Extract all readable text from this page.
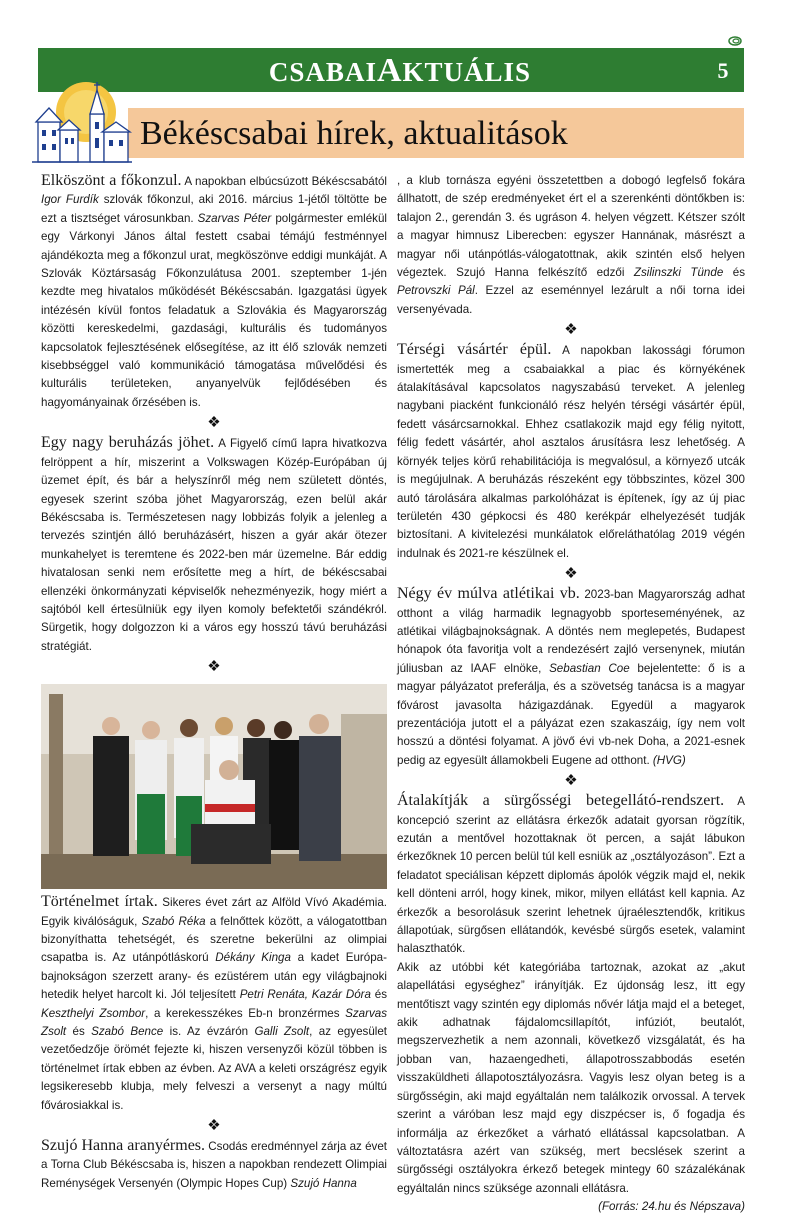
CSABAIAKTUÁLIS	5
Békéscsabai hírek, aktualitások

Elköszönt a főkonzul. A napokban elbúcsúzott Békéscsabától Igor Furdík szlovák főkonzul, aki 2016. március 1-jétől töltötte be ezt a tisztséget városunkban. Szarvas Péter polgármester emlékül egy Várkonyi János által festett csabai témájú festménnyel ajándékozta meg a főkonzul urat, megköszönve eddigi munkáját. A Szlovák Köztársaság Főkonzulátusa 2001. szeptember 1-jén kezdte meg hivatalos működését Békéscsabán. Igazgatási ügyek intézésén kívül fontos feladatuk a Szlovákia és Magyarország közötti kereskedelmi, gazdasági, kulturális és tudományos kapcsolatok fejlesztésének elősegítése, az itt élő szlovák nemzeti kisebbséggel való kommunikáció támogatása művelődési és kulturális területeken, anyanyelvük fejlődésében és hagyományainak őrzésében is.

❖

Egy nagy beruházás jöhet. A Figyelő című lapra hivatkozva felröppent a hír, miszerint a Volkswagen Közép-Európában új üzemet épít, és bár a helyszínről még nem született döntés, egyesek szerint szóba jöhet Magyarország, ezen belül akár Békéscsaba is. Természetesen nagy lobbizás folyik a jelenleg a tervezés szintjén álló beruházásért, hiszen a gyár akár ötezer munkahelyet is teremtene és 2022-ben már üzemelne. Bár eddig hivatalosan senki nem erősítette meg a hírt, de békéscsabai ellenzéki önkormányzati képviselők nehezményezik, hogy miért a sajtóból kell értesülniük egy ilyen komoly befektetői szándékról. Sürgetik, hogy dolgozzon ki a város egy hosszú távú beruházási stratégiát.

❖

Történelmet írtak. Sikeres évet zárt az Alföld Vívó Akadémia. Egyik kiválóságuk, Szabó Réka a felnőttek között, a válogatottban bizonyíthatta tehetségét, és szeretne bekerülni az olimpiai csapatba is. Az utánpótláskorú Dékány Kinga a kadet Európa-bajnokságon szerzett arany- és ezüstérem után egy világbajnoki hetedik helyet harcolt ki. Jól teljesített Petri Renáta, Kazár Dóra és Keszthelyi Zsombor, a kerekesszékes Eb-n bronzérmes Szarvas Zsolt és Szabó Bence is. Az évzárón Galli Zsolt, az egyesület vezetőedzője örömét fejezte ki, hiszen versenyzői közül többen is történelmet írtak ebben az évben. Az AVA a keleti országrész egyik legsikeresebb klubja, mely felveszi a versenyt a nagy múltú fővárosiakkal is.

❖

Szujó Hanna aranyérmes. Csodás eredménnyel zárja az évet a Torna Club Békéscsaba is, hiszen a napokban rendezett Olimpiai Reménységek Versenyén (Olympic Hopes Cup) Szujó Hanna

, a klub tornásza egyéni összetettben a dobogó legfelső fokára állhatott, de szép eredményeket ért el a szerenkénti döntőkben is: talajon 2., gerendán 3. és ugráson 4. helyen végzett. Kétszer szólt a magyar himnusz Liberecben: egyszer Hannának, másrészt a magyar női utánpótlás-válogatottnak, akik szintén első helyen végeztek. Szujó Hanna felkészítő edzői Zsilinszki Tünde és Petrovszki Pál. Ezzel az eseménnyel lezárult a női torna idei versenyévada.

❖

Térségi vásártér épül. A napokban lakossági fórumon ismertették meg a csabaiakkal a piac és környékének átalakításával kapcsolatos nagyszabású terveket. A jelenleg nagybani piacként funkcionáló rész helyén térségi vásártér épül, fedett vásárcsarnokkal. Ehhez csatlakozik majd egy félig nyitott, félig fedett vásártér, ahol asztalos árusításra lesz lehetőség. A környék teljes körű rehabilitációja is megvalósul, a környező utcák is megújulnak. A beruházás részeként egy többszintes, közel 300 autó tárolására alkalmas parkolóházat is építenek, így az új piac területén 430 gépkocsi és 480 kerékpár elhelyezését tudják biztosítani. A kivitelezési munkálatok előreláthatólag 2019 végén indulnak és 2021-re készülnek el.

❖

Négy év múlva atlétikai vb. 2023-ban Magyarország adhat otthont a világ harmadik legnagyobb sporteseményének, az atlétikai világbajnokságnak. A döntés nem meglepetés, Budapest hónapok óta favoritja volt a rendezésért zajló versenynek, miután júliusban az IAAF elnöke, Sebastian Coe bejelentette: ő is a magyar pályázatot preferálja, és a szövetség tanácsa is a magyar fővárost javasolta házigazdának. Egyedül a magyarok prezentációja jutott el a pályázat ezen szakaszáig, így nem volt hosszú a döntési folyamat. A jövő évi vb-nek Doha, a 2021-esnek pedig az egyesült államokbeli Eugene ad otthont. (HVG)

❖

Átalakítják a sürgősségi betegellátó-rendszert. A koncepció szerint az ellátásra érkezők adatait gyorsan rögzítik, ezután a mentővel hozottaknak öt percen, a saját lábukon érkezőknek 10 percen belül túl kell esniük az „osztályozáson”. Ezt a feladatot speciálisan képzett diplomás ápolók végzik majd el, nekik kell dönteni arról, hogy kinek, mikor, milyen ellátást kell kapnia. Az érkezők a besorolásuk szerint lehetnek újraélesztendők, kritikus állapotúak, sürgősen ellátandók, kevésbé sürgős esetek, valamint halaszthatók.

Akik az utóbbi két kategóriába tartoznak, azokat az „akut alapellátási egységhez” irányítják. Ez újdonság lesz, itt egy mentőtiszt vagy szintén egy diplomás nővér látja majd el a beteget, akik adhatnak fájdalomcsillapítót, infúziót, beutalót, megszervezhetik a nem azonnali, következő vizsgálatát, és ha jobban van, hazaengedheti, állapotrosszabbodás esetén visszaküldheti állapotosztályozásra. Vagyis lesz olyan beteg is a sürgősségin, aki majd egyáltalán nem találkozik orvossal. A tervek szerint a váróban lesz majd egy diszpécser is, ő fogadja és informálja az érkezőket a várható ellátással kapcsolatban. A változtatásra azért van szükség, mert becslések szerint a sürgősségi osztályokra érkező betegek mintegy 60 százalékának egyáltalán nincs szüksége azonnali ellátásra.

(Forrás: 24.hu és Népszava)
